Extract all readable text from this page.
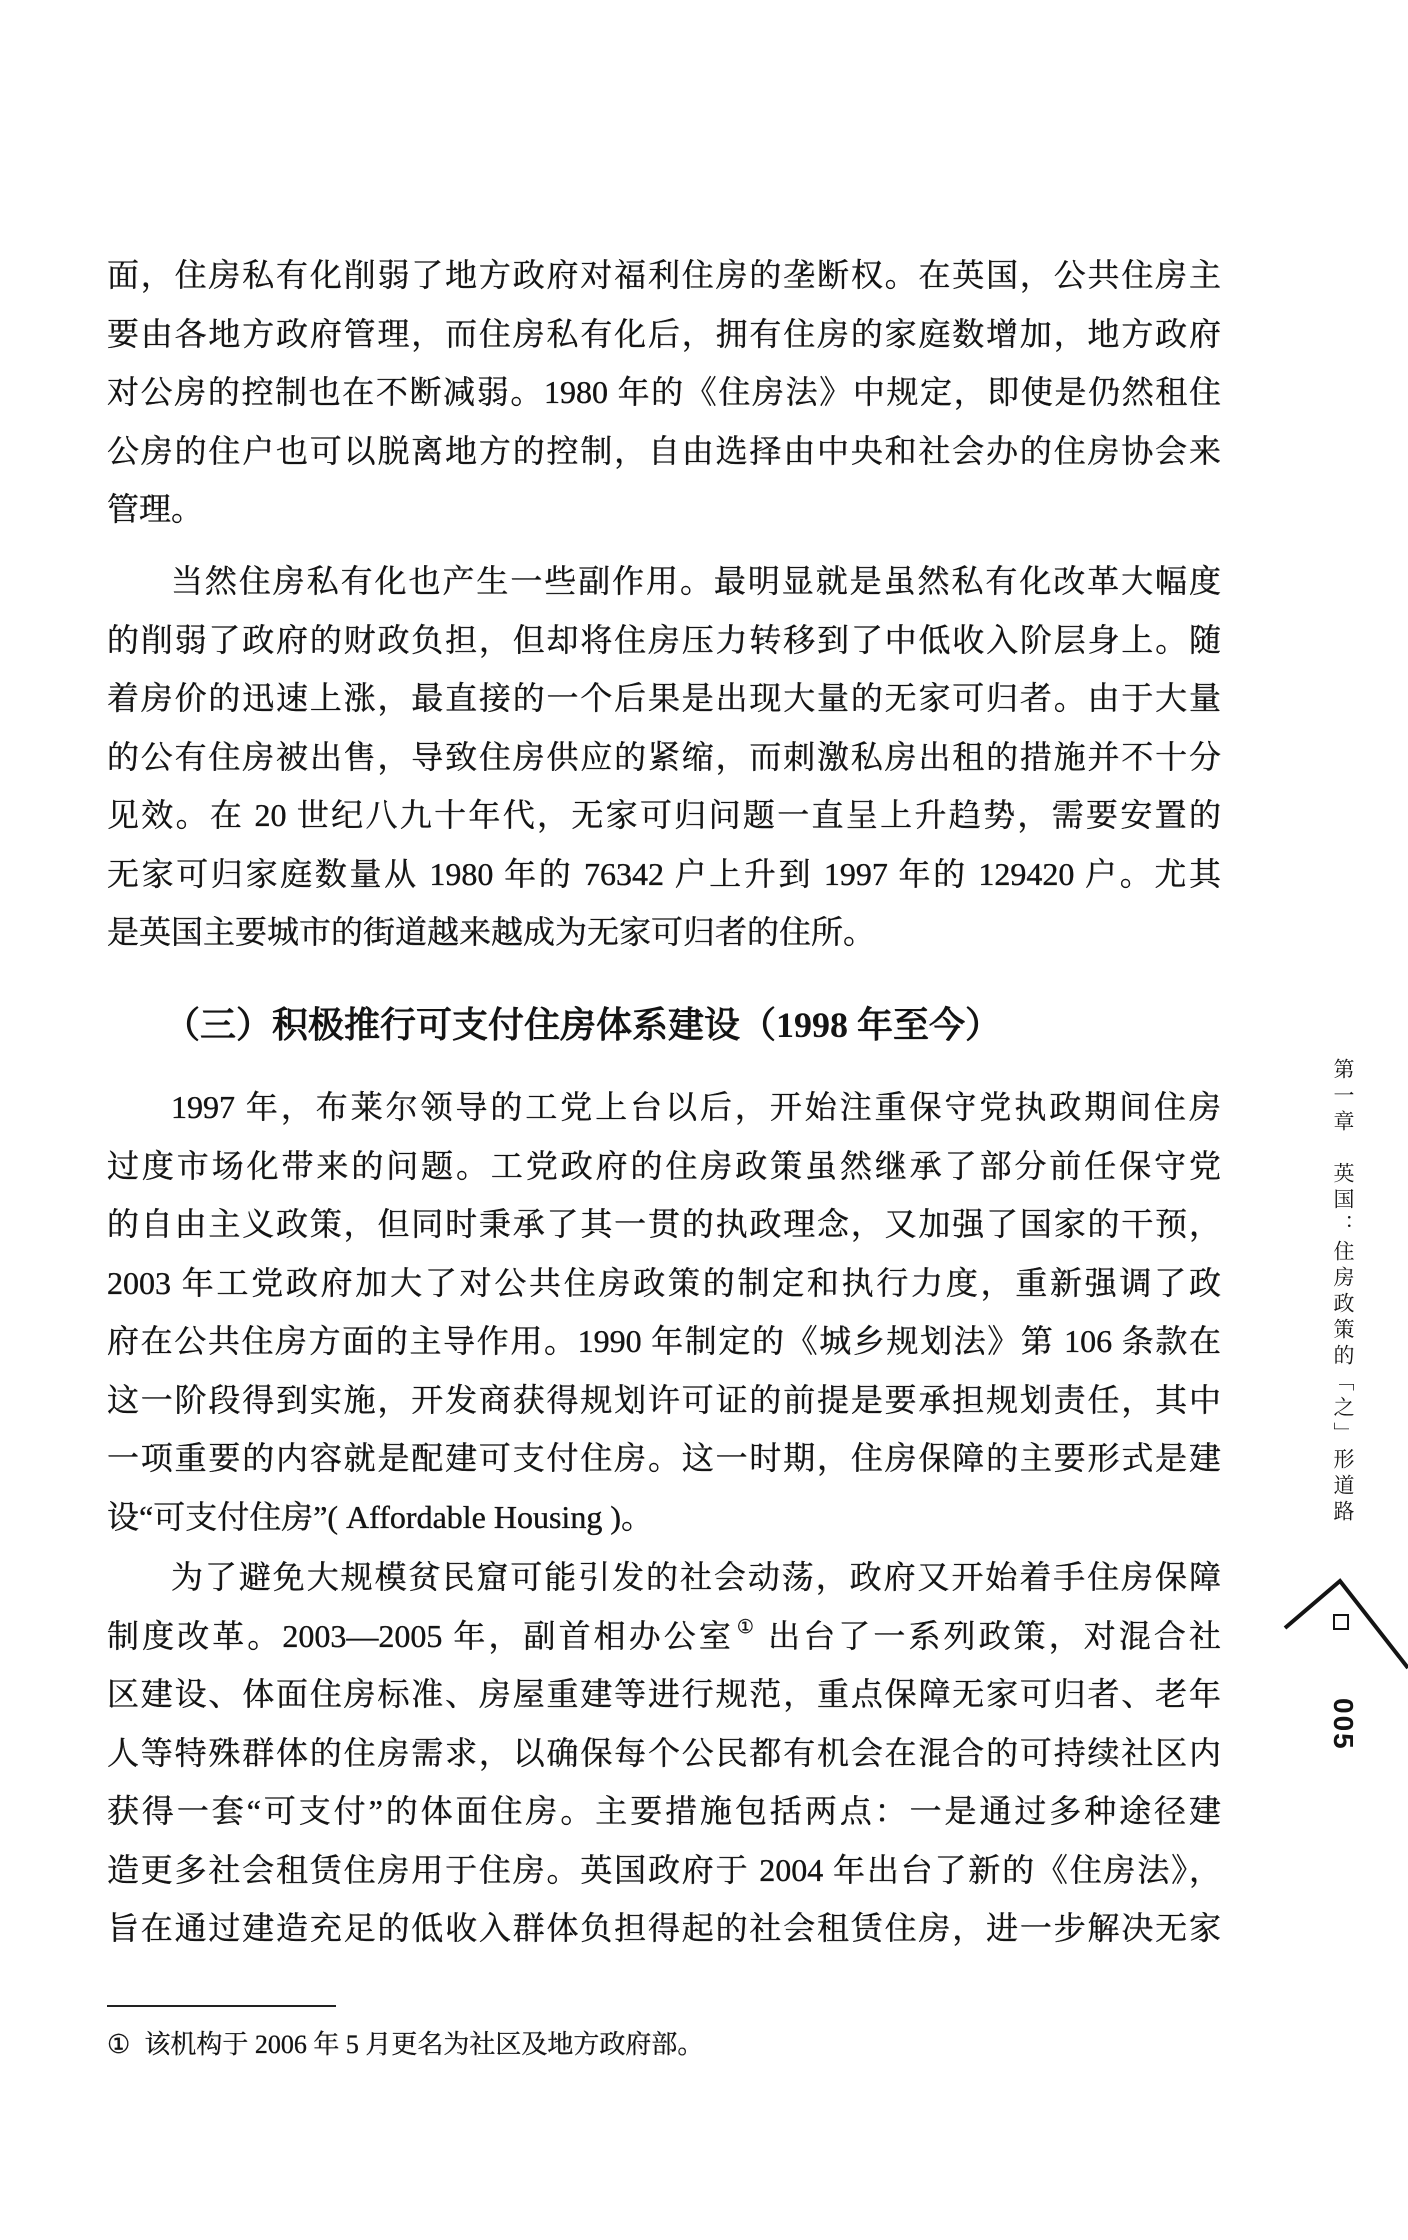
面，住房私有化削弱了地方政府对福利住房的垄断权。在英国，公共住房主
要由各地方政府管理，而住房私有化后，拥有住房的家庭数增加，地方政府
对公房的控制也在不断减弱。1980 年的《住房法》中规定，即使是仍然租住
公房的住户也可以脱离地方的控制，自由选择由中央和社会办的住房协会来
管理。
当然住房私有化也产生一些副作用。最明显就是虽然私有化改革大幅度
的削弱了政府的财政负担，但却将住房压力转移到了中低收入阶层身上。随
着房价的迅速上涨，最直接的一个后果是出现大量的无家可归者。由于大量
的公有住房被出售，导致住房供应的紧缩，而刺激私房出租的措施并不十分
见效。在 20 世纪八九十年代，无家可归问题一直呈上升趋势，需要安置的
无家可归家庭数量从 1980 年的 76342 户上升到 1997 年的 129420 户。尤其
是英国主要城市的街道越来越成为无家可归者的住所。
（三）积极推行可支付住房体系建设（1998 年至今）
1997 年，布莱尔领导的工党上台以后，开始注重保守党执政期间住房
过度市场化带来的问题。工党政府的住房政策虽然继承了部分前任保守党
的自由主义政策，但同时秉承了其一贯的执政理念，又加强了国家的干预，
2003 年工党政府加大了对公共住房政策的制定和执行力度，重新强调了政
府在公共住房方面的主导作用。1990 年制定的《城乡规划法》第 106 条款在
这一阶段得到实施，开发商获得规划许可证的前提是要承担规划责任，其中
一项重要的内容就是配建可支付住房。这一时期，住房保障的主要形式是建
设“可支付住房”( Affordable Housing )。
为了避免大规模贫民窟可能引发的社会动荡，政府又开始着手住房保障
制度改革。2003—2005 年，副首相办公室 ① 出台了一系列政策，对混合社
区建设、体面住房标准、房屋重建等进行规范，重点保障无家可归者、老年
人等特殊群体的住房需求，以确保每个公民都有机会在混合的可持续社区内
获得一套“可支付”的体面住房。主要措施包括两点：一是通过多种途径建
造更多社会租赁住房用于住房。英国政府于 2004 年出台了新的《住房法》，
旨在通过建造充足的低收入群体负担得起的社会租赁住房，进一步解决无家
① 该机构于 2006 年 5 月更名为社区及地方政府部。
第一章　英国：住房政策的「之」形道路
005
